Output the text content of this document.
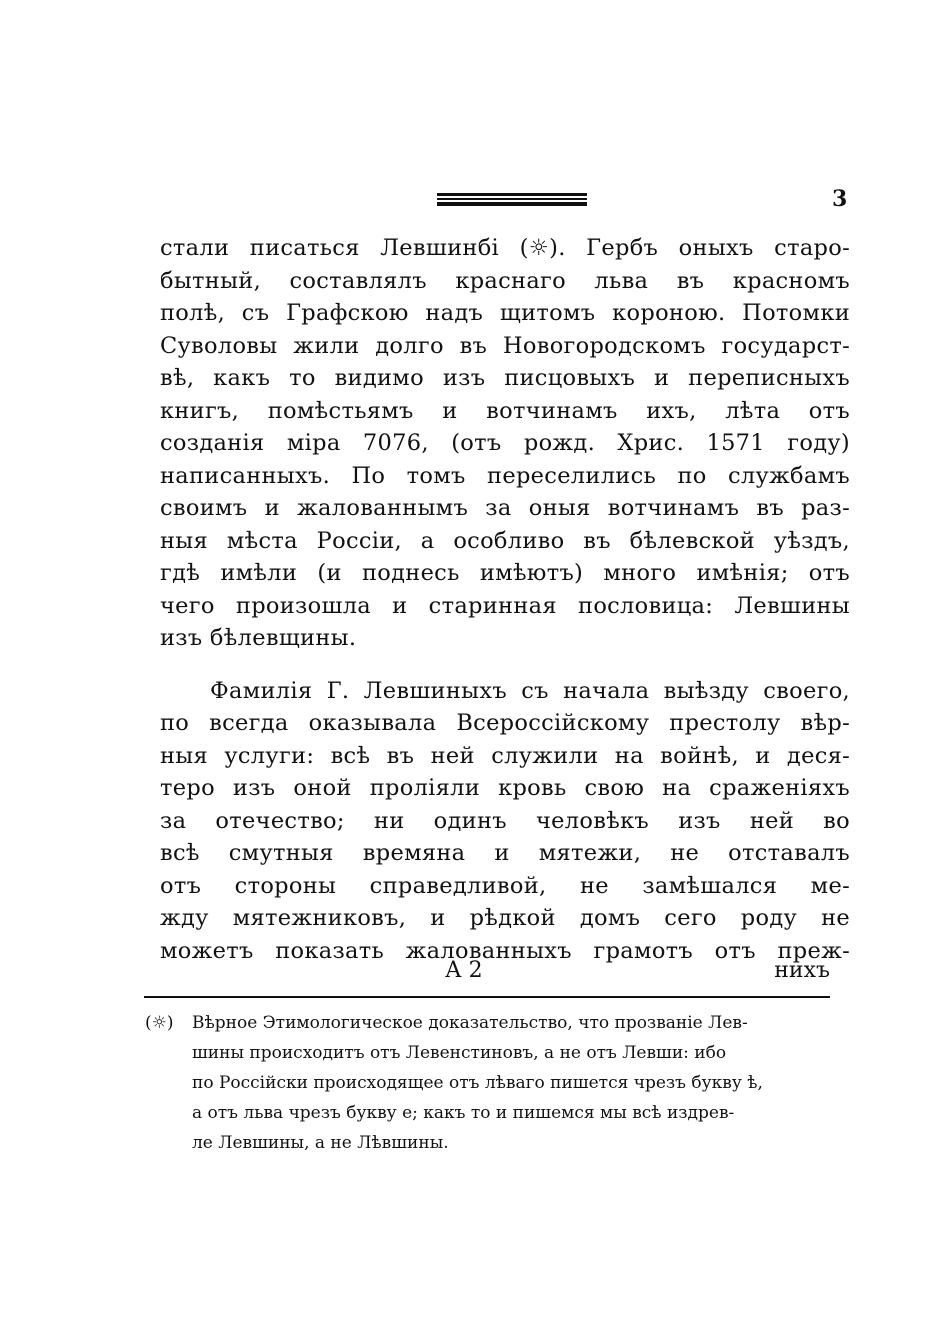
3
стали писаться Левшинбі (☼). Гербъ оныхъ старо-
бытный, составлялъ краснаго льва въ красномъ
полѣ, съ Графскою надъ щитомъ короною. Потомки
Суволовы жили долго въ Новогородскомъ государст-
вѣ, какъ то видимо изъ писцовыхъ и переписныхъ
книгъ, помѣстьямъ и вотчинамъ ихъ, лѣта отъ
созданія міра 7076, (отъ рожд. Хрис. 1571 году)
написанныхъ. По томъ переселились по службамъ
своимъ и жалованнымъ за оныя вотчинамъ въ раз-
ныя мѣста Россіи, а особливо въ бѣлевской уѣздъ,
гдѣ имѣли (и поднесь имѣютъ) много имѣнія; отъ
чего произошла и старинная пословица: Левшины
изъ бѣлевщины.
Фамилія Г. Левшиныхъ съ начала выѣзду своего,
по всегда оказывала Всероссійскому престолу вѣр-
ныя услуги: всѣ въ ней служили на войнѣ, и деся-
теро изъ оной пролiяли кровь свою на сраженiяхъ
за отечество; ни одинъ человѣкъ изъ ней во
всѣ смутныя времяна и мятежи, не отставалъ
отъ стороны справедливой, не замѣшался ме-
жду мятежниковъ, и рѣдкой домъ сего роду не
можетъ показать жалованныхъ грамотъ отъ преж-
А 2	нихъ
(☼) Вѣрное Этимологическое доказательство, что прозванiе Лев-
шины происходитъ отъ Левенстиновъ, а не отъ Левши: ибо
по Россiйски происходящее отъ лѣваго пишется чрезъ букву ѣ,
а отъ льва чрезъ букву е; какъ то и пишемся мы всѣ издрев-
ле Левшины, а не Лѣвшины.
